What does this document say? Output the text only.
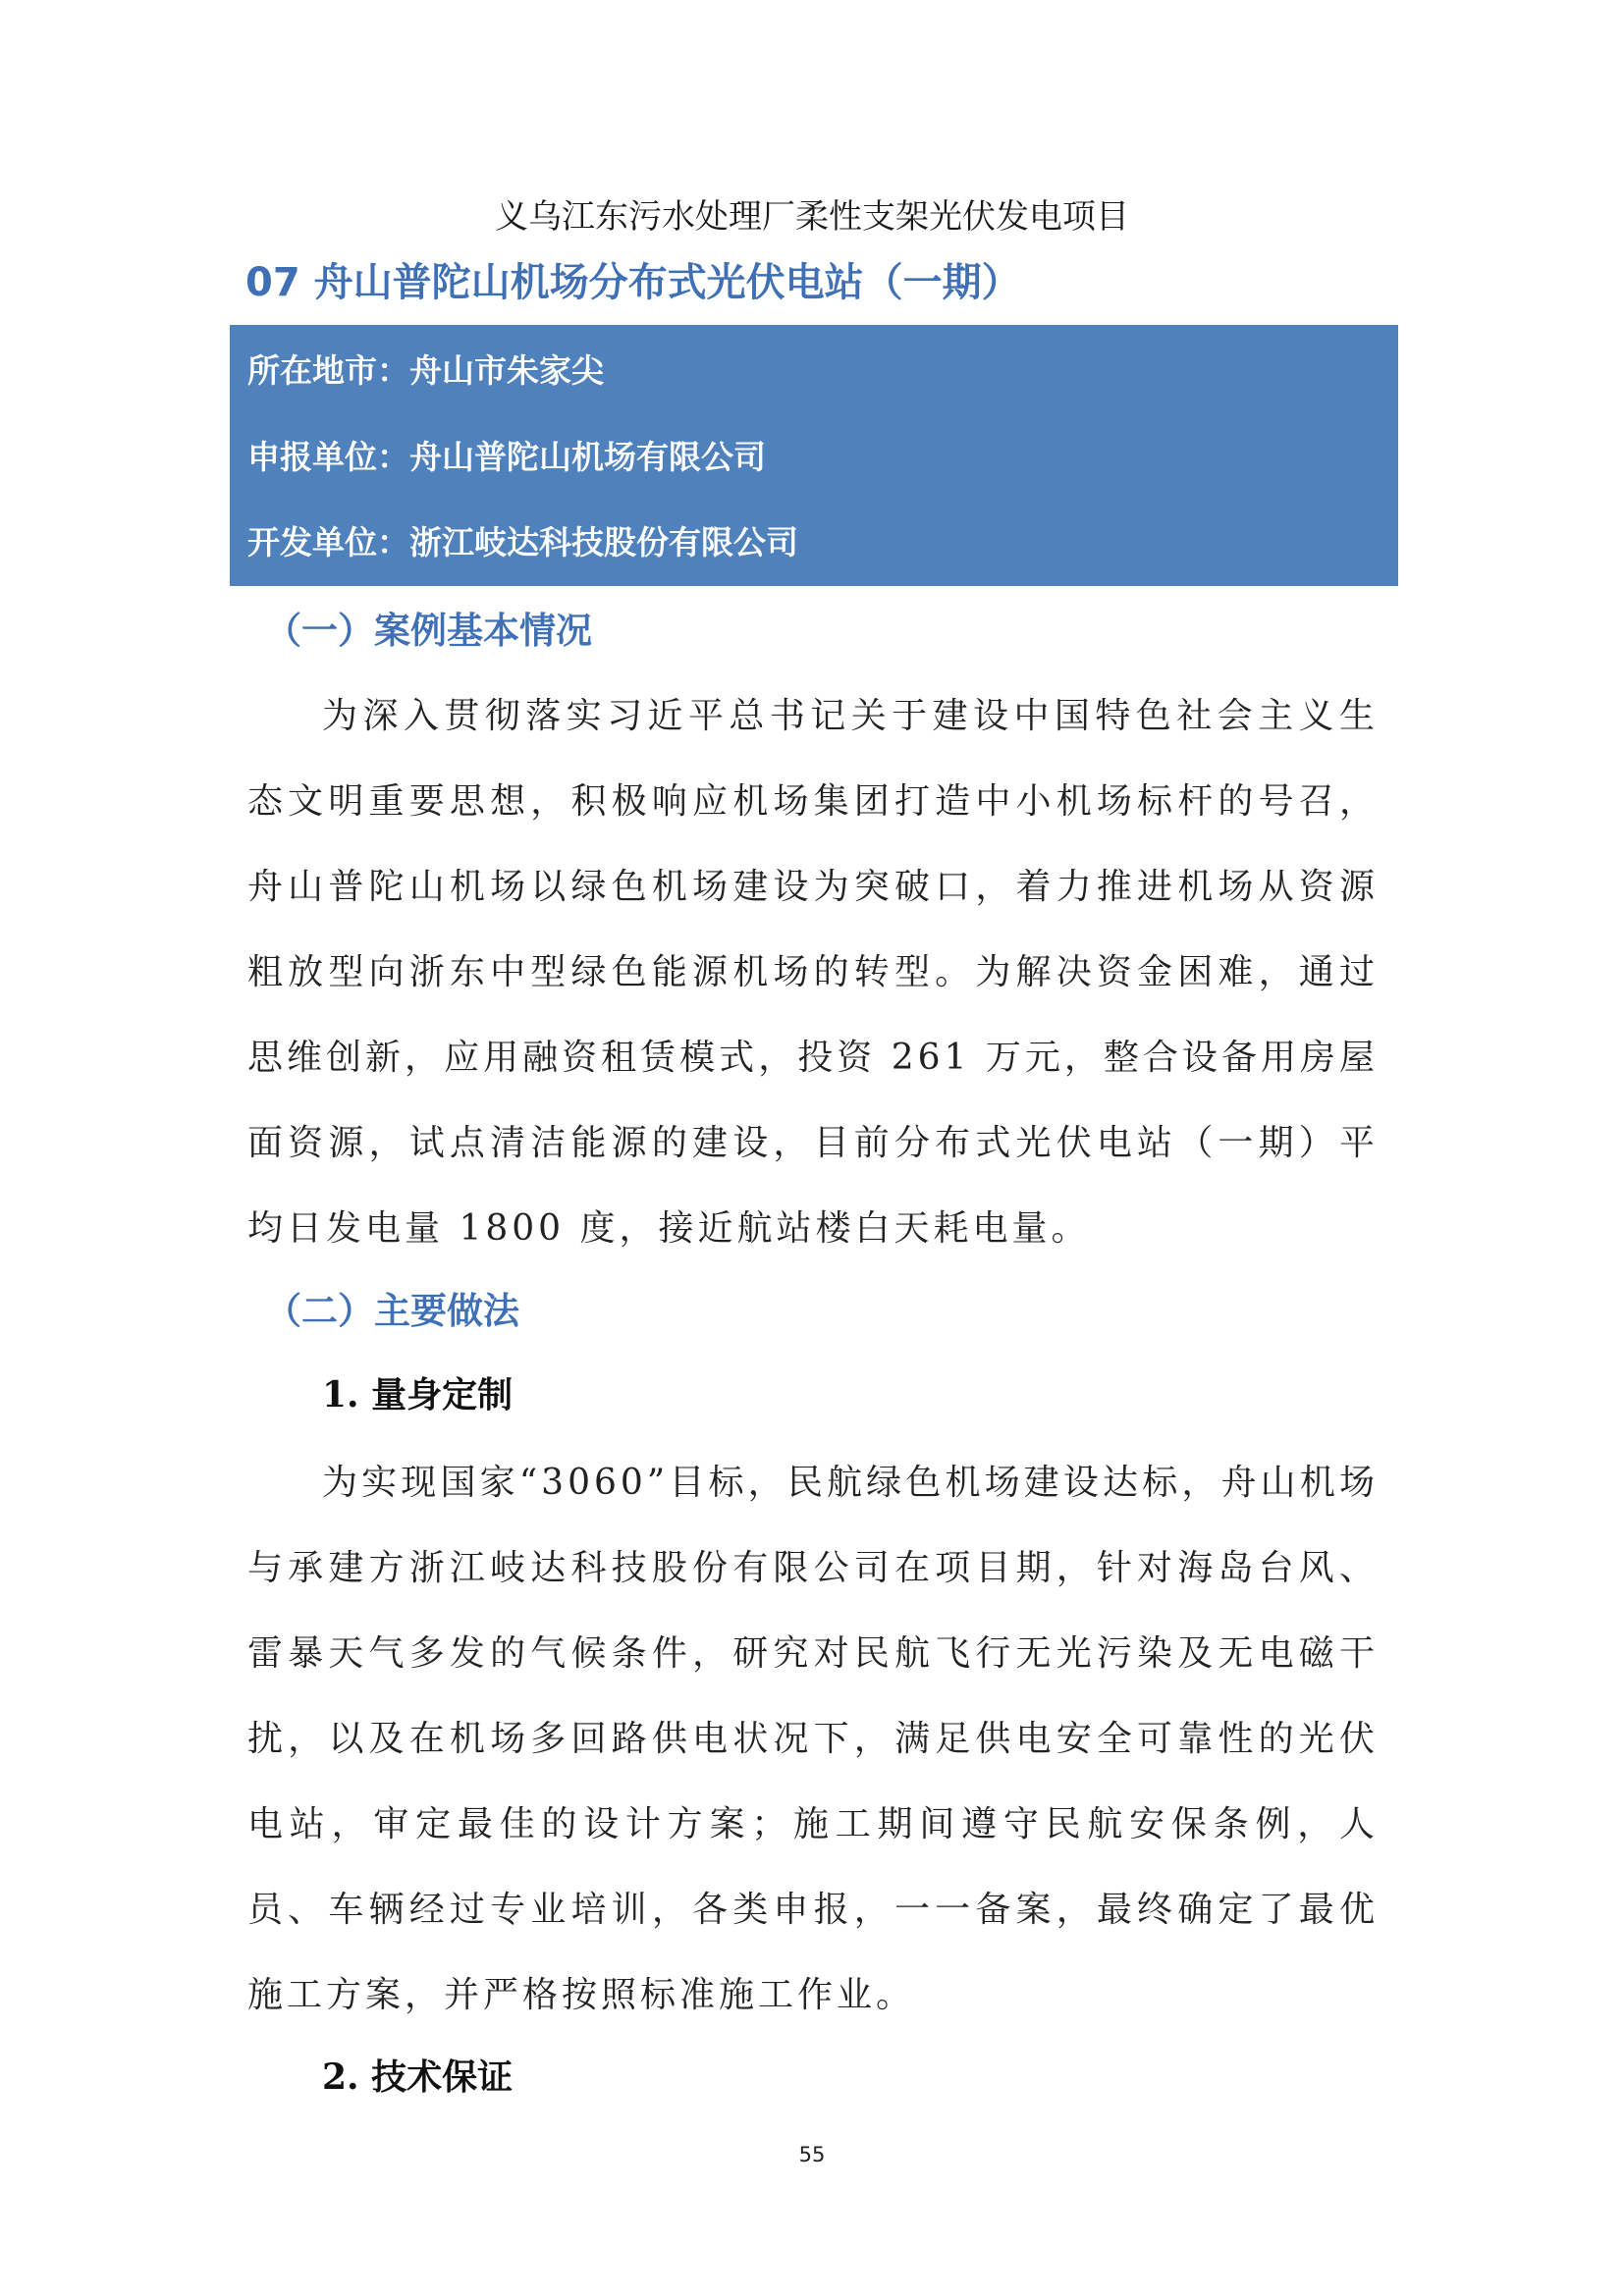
义乌江东污水处理厂柔性支架光伏发电项目
07 舟山普陀山机场分布式光伏电站（一期）
所在地市：舟山市朱家尖
申报单位：舟山普陀山机场有限公司
开发单位：浙江岐达科技股份有限公司
（一）案例基本情况

为深入贯彻落实习近平总书记关于建设中国特色社会主义生态文明重要思想，积极响应机场集团打造中小机场标杆的号召，舟山普陀山机场以绿色机场建设为突破口，着力推进机场从资源粗放型向浙东中型绿色能源机场的转型。为解决资金困难，通过思维创新，应用融资租赁模式，投资 261 万元，整合设备用房屋面资源，试点清洁能源的建设，目前分布式光伏电站（一期）平均日发电量 1800 度，接近航站楼白天耗电量。

（二）主要做法
1. 量身定制

为实现国家“3060”目标，民航绿色机场建设达标，舟山机场与承建方浙江岐达科技股份有限公司在项目期，针对海岛台风、雷暴天气多发的气候条件，研究对民航飞行无光污染及无电磁干扰，以及在机场多回路供电状况下，满足供电安全可靠性的光伏电站，审定最佳的设计方案；施工期间遵守民航安保条例，人员、车辆经过专业培训，各类申报，一一备案，最终确定了最优施工方案，并严格按照标准施工作业。

2. 技术保证
55
